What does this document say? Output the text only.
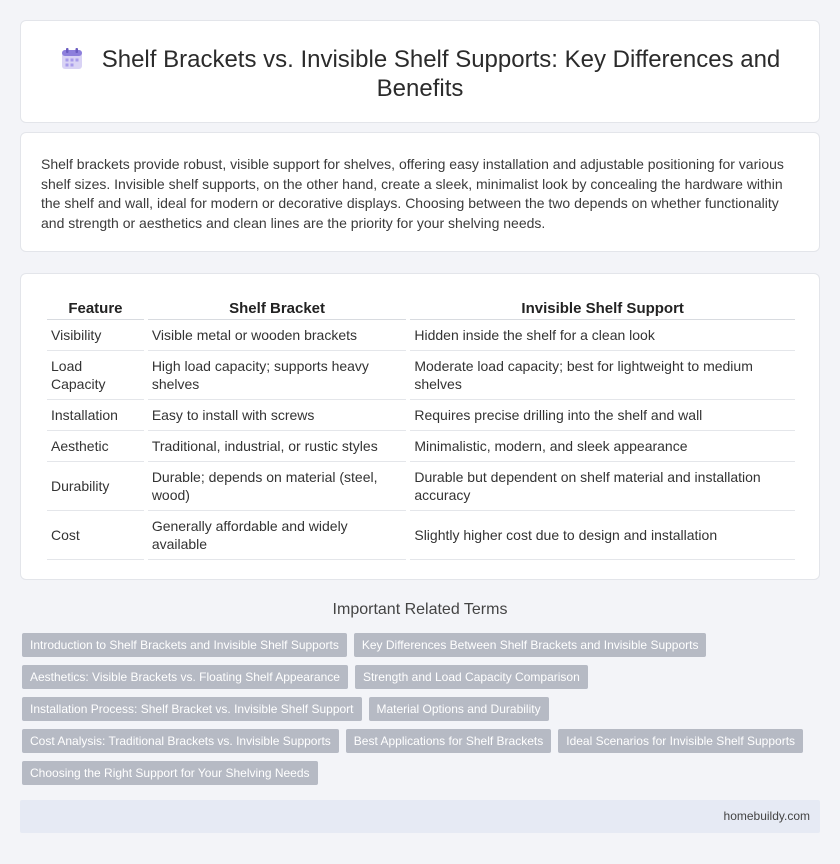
Shelf Brackets vs. Invisible Shelf Supports: Key Differences and Benefits

Shelf brackets provide robust, visible support for shelves, offering easy installation and adjustable positioning for various shelf sizes. Invisible shelf supports, on the other hand, create a sleek, minimalist look by concealing the hardware within the shelf and wall, ideal for modern or decorative displays. Choosing between the two depends on whether functionality and strength or aesthetics and clean lines are the priority for your shelving needs.

Feature	Shelf Bracket	Invisible Shelf Support
Visibility	Visible metal or wooden brackets	Hidden inside the shelf for a clean look
Load Capacity	High load capacity; supports heavy shelves	Moderate load capacity; best for lightweight to medium shelves
Installation	Easy to install with screws	Requires precise drilling into the shelf and wall
Aesthetic	Traditional, industrial, or rustic styles	Minimalistic, modern, and sleek appearance
Durability	Durable; depends on material (steel, wood)	Durable but dependent on shelf material and installation accuracy
Cost	Generally affordable and widely available	Slightly higher cost due to design and installation
Important Related Terms
Introduction to Shelf Brackets and Invisible Shelf Supports	Key Differences Between Shelf Brackets and Invisible Supports
Aesthetics: Visible Brackets vs. Floating Shelf Appearance	Strength and Load Capacity Comparison
Installation Process: Shelf Bracket vs. Invisible Shelf Support	Material Options and Durability
Cost Analysis: Traditional Brackets vs. Invisible Supports	Best Applications for Shelf Brackets	Ideal Scenarios for Invisible Shelf Supports
Choosing the Right Support for Your Shelving Needs
homebuildy.com
